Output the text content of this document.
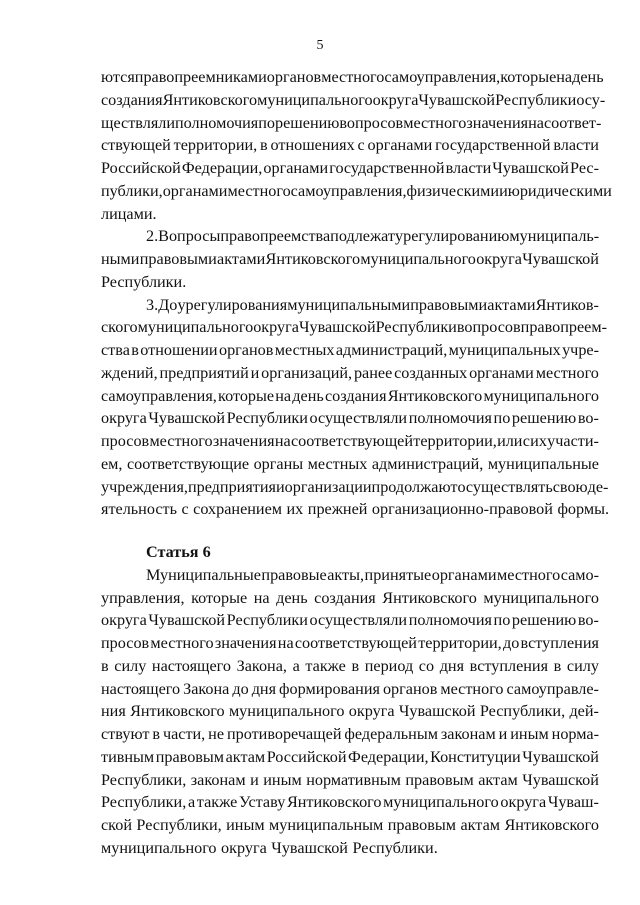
5
ются правопреемниками органов местного самоуправления, которые на день
создания Янтиковского муниципального округа Чувашской Республики осу-
ществляли полномочия по решению вопросов местного значения на соответ-
ствующей территории, в отношениях с органами государственной власти
Российской Федерации, органами государственной власти Чувашской Рес-
публики, органами местного самоуправления, физическими и юридическими
лицами.
2. Вопросы правопреемства подлежат урегулированию муниципаль-
ными правовыми актами Янтиковского муниципального округа Чувашской
Республики.
3. До урегулирования муниципальными правовыми актами Янтиков-
ского муниципального округа Чувашской Республики вопросов правопреем-
ства в отношении органов местных администраций, муниципальных учре-
ждений, предприятий и организаций, ранее созданных органами местного
самоуправления, которые на день создания Янтиковского муниципального
округа Чувашской Республики осуществляли полномочия по решению во-
просов местного значения на соответствующей территории, или с их участи-
ем, соответствующие органы местных администраций, муниципальные
учреждения, предприятия и организации продолжают осуществлять свою де-
ятельность с сохранением их прежней организационно-правовой формы.
Статья 6
Муниципальные правовые акты, принятые органами местного само-
управления, которые на день создания Янтиковского муниципального
округа Чувашской Республики осуществляли полномочия по решению во-
просов местного значения на соответствующей территории, до вступления
в силу настоящего Закона, а также в период со дня вступления в силу
настоящего Закона до дня формирования органов местного самоуправле-
ния Янтиковского муниципального округа Чувашской Республики, дей-
ствуют в части, не противоречащей федеральным законам и иным норма-
тивным правовым актам Российской Федерации, Конституции Чувашской
Республики, законам и иным нормативным правовым актам Чувашской
Республики, а также Уставу Янтиковского муниципального округа Чуваш-
ской Республики, иным муниципальным правовым актам Янтиковского
муниципального округа Чувашской Республики.
